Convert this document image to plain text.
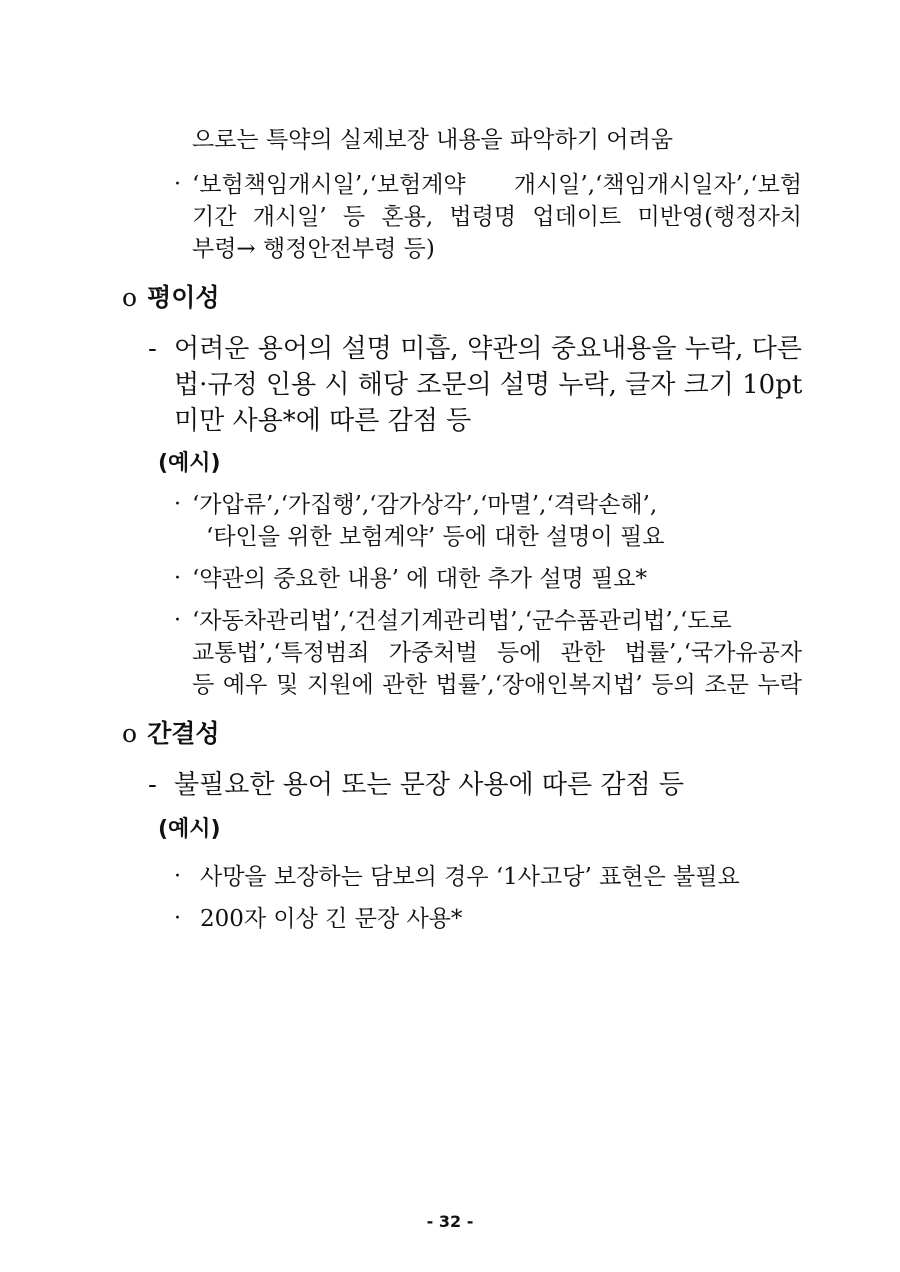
으로는 특약의 실제보장 내용을 파악하기 어려움
· ‘보험책임개시일’,‘보험계약 개시일’,‘책임개시일자’,‘보험
기간 개시일’ 등 혼용, 법령명 업데이트 미반영(행정자치
부령→ 행정안전부령 등)
o 평이성
- 어려운 용어의 설명 미흡, 약관의 중요내용을 누락, 다른
법·규정 인용 시 해당 조문의 설명 누락, 글자 크기 10pt
미만 사용*에 따른 감점 등
(예시)
· ‘가압류’,‘가집행’,‘감가상각’,‘마멸’,‘격락손해’,
‘타인을 위한 보험계약’ 등에 대한 설명이 필요
· ‘약관의 중요한 내용’ 에 대한 추가 설명 필요*
· ‘자동차관리법’,‘건설기계관리법’,‘군수품관리법’,‘도로
교통법’,‘특정범죄 가중처벌 등에 관한 법률’,‘국가유공자
등 예우 및 지원에 관한 법률’,‘장애인복지법’ 등의 조문 누락
o 간결성
- 불필요한 용어 또는 문장 사용에 따른 감점 등
(예시)
· 사망을 보장하는 담보의 경우 ‘1사고당’ 표현은 불필요
· 200자 이상 긴 문장 사용*
- 32 -
